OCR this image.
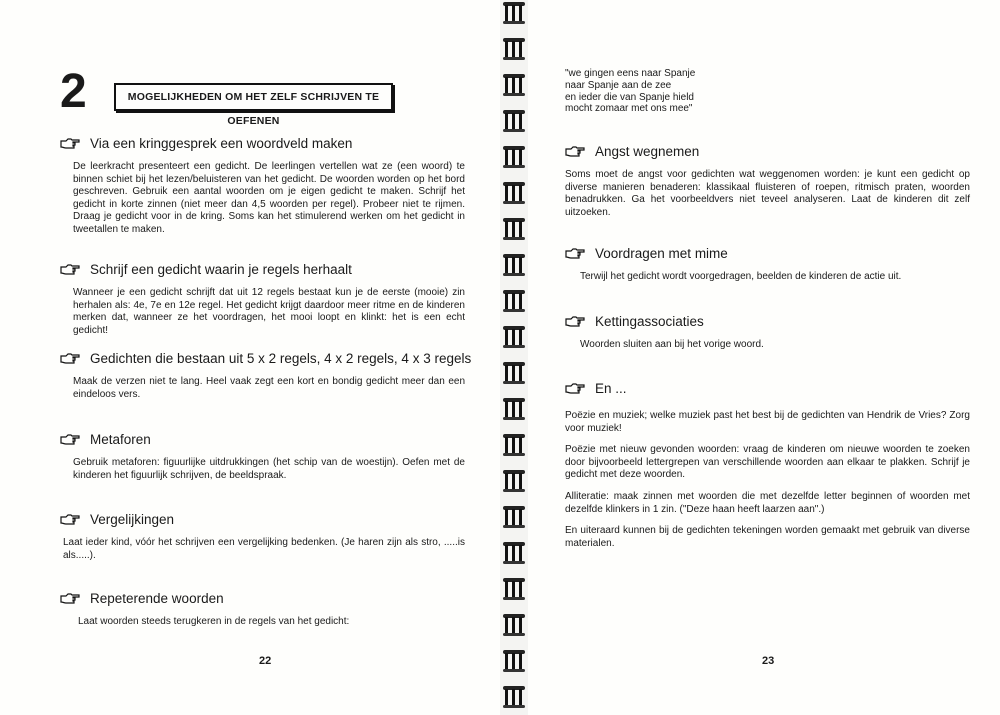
2	MOGELIJKHEDEN OM HET ZELF SCHRIJVEN TE OEFENEN
Via een kringgesprek een woordveld maken
De leerkracht presenteert een gedicht. De leerlingen vertellen wat ze (een woord) te binnen schiet bij het lezen/beluisteren van het gedicht. De woorden worden op het bord geschreven. Gebruik een aantal woorden om je eigen gedicht te maken. Schrijf het gedicht in korte zinnen (niet meer dan 4,5 woorden per regel). Probeer niet te rijmen. Draag je gedicht voor in de kring. Soms kan het stimulerend werken om het gedicht in tweetallen te maken.
Schrijf een gedicht waarin je regels herhaalt
Wanneer je een gedicht schrijft dat uit 12 regels bestaat kun je de eerste (mooie) zin herhalen als: 4e, 7e en 12e regel. Het gedicht krijgt daardoor meer ritme en de kinderen merken dat, wanneer ze het voordragen, het mooi loopt en klinkt: het is een echt gedicht!
Gedichten die bestaan uit 5 x 2 regels, 4 x 2 regels, 4 x 3 regels
Maak de verzen niet te lang. Heel vaak zegt een kort en bondig gedicht meer dan een eindeloos vers.
Metaforen
Gebruik metaforen: figuurlijke uitdrukkingen (het schip van de woestijn). Oefen met de kinderen het figuurlijk schrijven, de beeldspraak.
Vergelijkingen
Laat ieder kind, vóór het schrijven een vergelijking bedenken. (Je haren zijn als stro, .....is als.....).
Repeterende woorden
Laat woorden steeds terugkeren in de regels van het gedicht:
22
"we gingen eens naar Spanje
naar Spanje aan de zee
en ieder die van Spanje hield
mocht zomaar met ons mee"
Angst wegnemen
Soms moet de angst voor gedichten wat weggenomen worden: je kunt een gedicht op diverse manieren benaderen: klassikaal fluisteren of roepen, ritmisch praten, woorden benadrukken. Ga het voorbeeldvers niet teveel analyseren. Laat de kinderen dit zelf uitzoeken.
Voordragen met mime
Terwijl het gedicht wordt voorgedragen, beelden de kinderen de actie uit.
Kettingassociaties
Woorden sluiten aan bij het vorige woord.
En ...
Poëzie en muziek; welke muziek past het best bij de gedichten van Hendrik de Vries? Zorg voor muziek!
Poëzie met nieuw gevonden woorden: vraag de kinderen om nieuwe woorden te zoeken door bijvoorbeeld lettergrepen van verschillende woorden aan elkaar te plakken. Schrijf je gedicht met deze woorden.
Alliteratie: maak zinnen met woorden die met dezelfde letter beginnen of woorden met dezelfde klinkers in 1 zin. ("Deze haan heeft laarzen aan".)
En uiteraard kunnen bij de gedichten tekeningen worden gemaakt met gebruik van diverse materialen.
23
